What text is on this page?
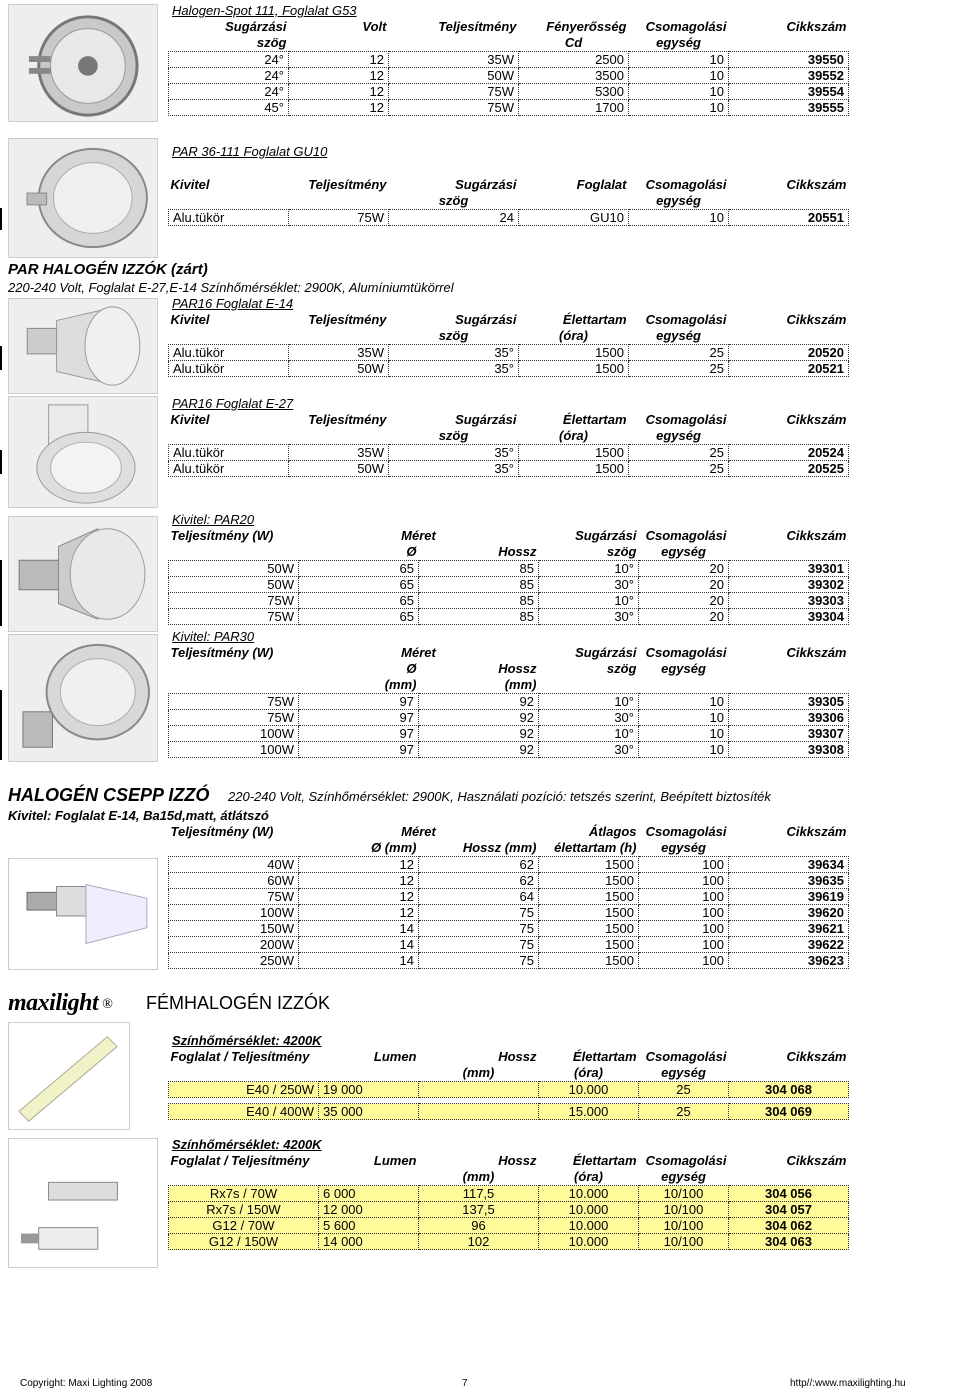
Halogen-Spot 111, Foglalat G53
Sugárzási	Volt	Teljesítmény	Fényerősség	Csomagolási	Cikkszám
szög			Cd	egység	
24°	12	35W	2500	10	39550
24°	12	50W	3500	10	39552
24°	12	75W	5300	10	39554
45°	12	75W	1700	10	39555
PAR 36-111 Foglalat GU10
Kivitel	Teljesítmény	Sugárzási	Foglalat	Csomagolási	Cikkszám
		szög		egység	
Alu.tükör	75W	24	GU10	10	20551
PAR HALOGÉN IZZÓK (zárt)
220-240 Volt, Foglalat E-27,E-14 Színhőmérséklet: 2900K, Alumíniumtükörrel
PAR16 Foglalat E-14
Kivitel	Teljesítmény	Sugárzási	Élettartam	Csomagolási	Cikkszám
		szög	(óra)	egység	
Alu.tükör	35W	35°	1500	25	20520
Alu.tükör	50W	35°	1500	25	20521
PAR16 Foglalat E-27
Kivitel	Teljesítmény	Sugárzási	Élettartam	Csomagolási	Cikkszám
		szög	(óra)	egység	
Alu.tükör	35W	35°	1500	25	20524
Alu.tükör	50W	35°	1500	25	20525
Kivitel: PAR20
Teljesítmény (W)	Méret		Sugárzási	Csomagolási	Cikkszám
	Ø	Hossz	szög	egység	
50W	65	85	10°	20	39301
50W	65	85	30°	20	39302
75W	65	85	10°	20	39303
75W	65	85	30°	20	39304
Kivitel: PAR30
Teljesítmény (W)	Méret		Sugárzási	Csomagolási	Cikkszám
	Ø	Hossz	szög	egység	
	(mm)	(mm)			
75W	97	92	10°	10	39305
75W	97	92	30°	10	39306
100W	97	92	10°	10	39307
100W	97	92	30°	10	39308
HALOGÉN CSEPP IZZÓ 220-240 Volt, Színhőmérséklet: 2900K, Használati pozíció: tetszés szerint, Beépített biztosíték
Kivitel: Foglalat E-14, Ba15d,matt, átlátszó
Teljesítmény (W)	Méret		Átlagos	Csomagolási	Cikkszám
	Ø (mm)	Hossz (mm)	élettartam (h)	egység	
40W	12	62	1500	100	39634
60W	12	62	1500	100	39635
75W	12	64	1500	100	39619
100W	12	75	1500	100	39620
150W	14	75	1500	100	39621
200W	14	75	1500	100	39622
250W	14	75	1500	100	39623
maxilight ® FÉMHALOGÉN IZZÓK
Színhőmérséklet: 4200K
Foglalat / Teljesítmény	Lumen	Hossz	Élettartam	Csomagolási	Cikkszám
		(mm)	(óra)	egység	
E40 / 250W	19 000		10.000	25	304 068

E40 / 400W	35 000		15.000	25	304 069
Színhőmérséklet: 4200K
Foglalat / Teljesítmény	Lumen	Hossz	Élettartam	Csomagolási	Cikkszám
		(mm)	(óra)	egység	
Rx7s / 70W	6 000	117,5	10.000	10/100	304 056
Rx7s / 150W	12 000	137,5	10.000	10/100	304 057
G12 / 70W	5 600	96	10.000	10/100	304 062
G12 / 150W	14 000	102	10.000	10/100	304 063
Copyright: Maxi Lighting 2008	7	http//:www.maxilighting.hu
